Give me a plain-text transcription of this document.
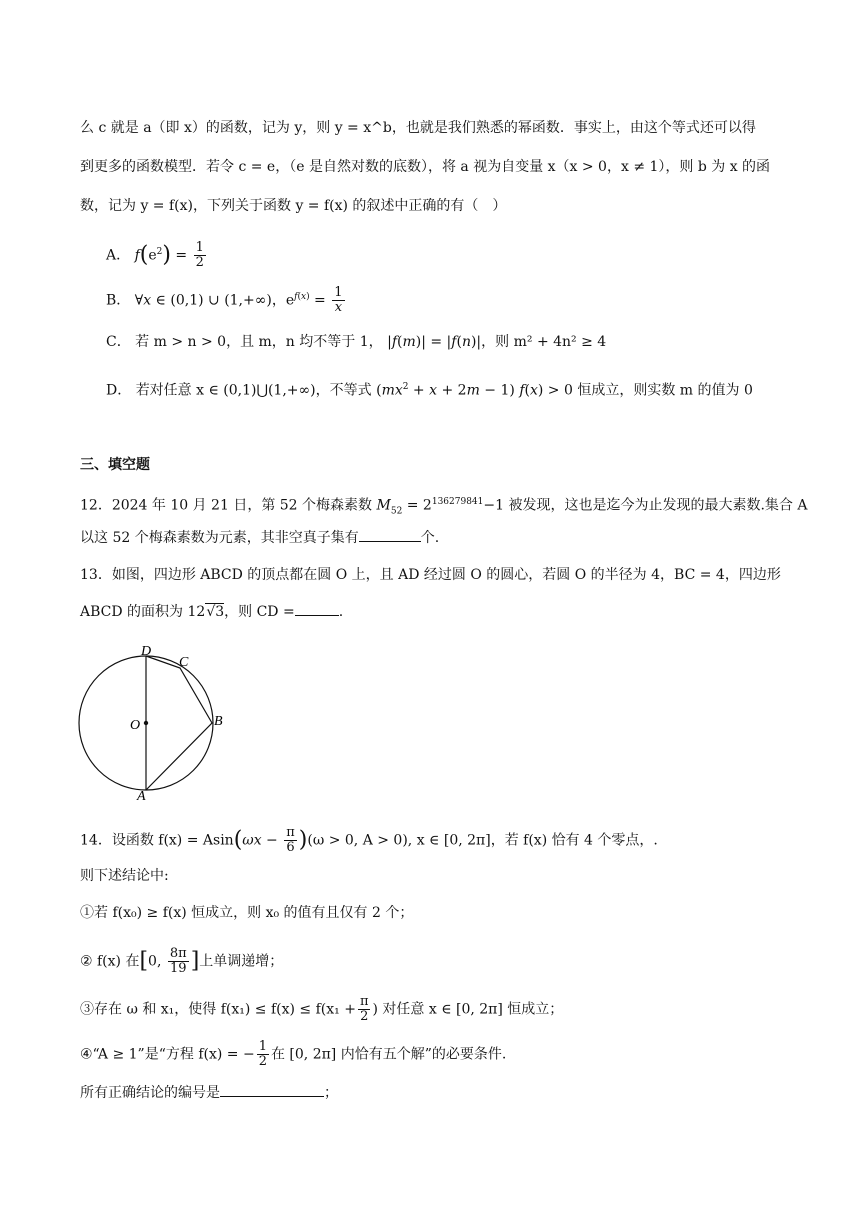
么 c 就是 a（即 x）的函数，记为 y，则 y = x^b，也就是我们熟悉的幂函数．事实上，由这个等式还可以得
到更多的函数模型．若令 c = e，（e 是自然对数的底数），将 a 视为自变量 x（x > 0，x ≠ 1），则 b 为 x 的函
数，记为 y = f(x)，下列关于函数 y = f(x) 的叙述中正确的有（　）
A． $f(e^2) = \frac{1}{2}$
B． ∀x ∈ (0,1) ∪ (1,+∞)，$e^{f(x)} = \frac{1}{x}$
C． 若 m > n > 0，且 m，n 均不等于 1， |f(m)| = |f(n)|，则 m² + 4n² ≥ 4
D． 若对任意 x ∈ (0,1)⋃(1,+∞)，不等式 $(mx^2 + x + 2m - 1) f(x) > 0$ 恒成立，则实数 m 的值为 0
三、填空题
12．2024 年 10 月 21 日，第 52 个梅森素数 $M_{52} = 2^{136279841}-1$ 被发现，这也是迄今为止发现的最大素数.集合 A
以这 52 个梅森素数为元素，其非空真子集有	个.
13．如图，四边形 ABCD 的顶点都在圆 O 上，且 AD 经过圆 O 的圆心，若圆 O 的半径为 4，BC = 4，四边形
ABCD 的面积为 12√3，则 CD =	.
D
C
O	B
A
14．设函数 $f(x) = Asin(\omega x - \frac{\pi}{6} )(\omega > 0$, A > 0), x ∈ [0, 2π]，若 f(x) 恰有 4 个零点，.
则下述结论中:
①若 f(x₀) ≥ f(x) 恒成立，则 x₀ 的值有且仅有 2 个；
② f(x) 在[0, $\frac{8\pi}{19}$ ]上单调递增；
③存在 ω 和 x₁，使得 $f(x_1) \le f(x) \le f(x_1 + \frac{\pi}{2}$ ) 对任意 x ∈ [0, 2π] 恒成立；
④“A ≥ 1”是“方程 f(x) = − $\frac{1}{2}$ 在 [0, 2π] 内恰有五个解”的必要条件.
所有正确结论的编号是	；
